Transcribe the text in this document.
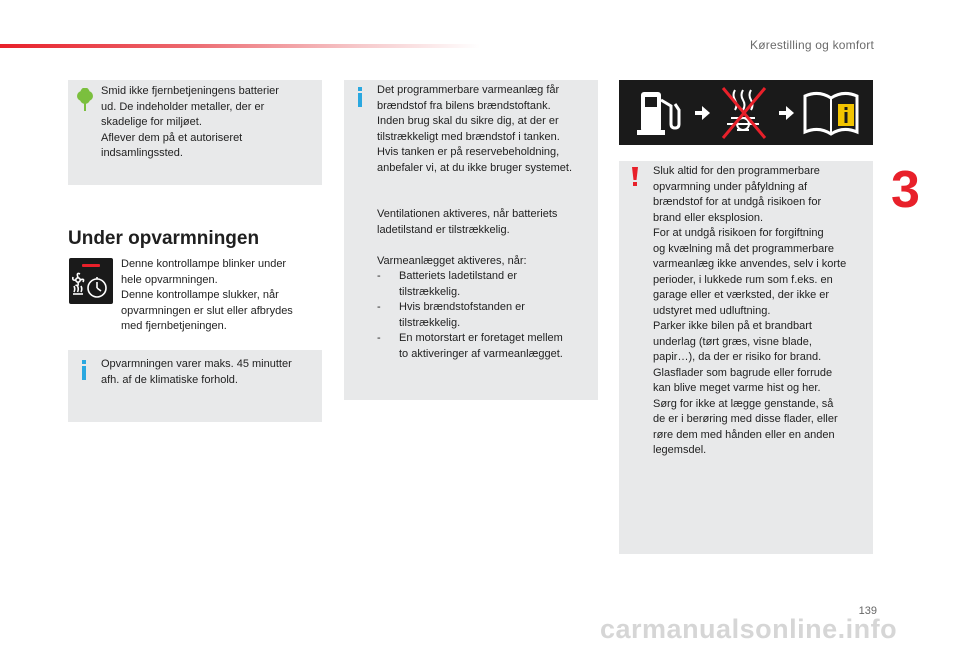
Kørestilling og komfort
3
Smid ikke fjernbetjeningens batterier
ud. De indeholder metaller, der er
skadelige for miljøet.
Aflever dem på et autoriseret
indsamlingssted.
Under opvarmningen
Denne kontrollampe blinker under
hele opvarmningen.
Denne kontrollampe slukker, når
opvarmningen er slut eller afbrydes
med fjernbetjeningen.
Opvarmningen varer maks. 45 minutter
afh. af de klimatiske forhold.
Det programmerbare varmeanlæg får
brændstof fra bilens brændstoftank.
Inden brug skal du sikre dig, at der er
tilstrækkeligt med brændstof i tanken.
Hvis tanken er på reservebeholdning,
anbefaler vi, at du ikke bruger systemet.
Ventilationen aktiveres, når batteriets
ladetilstand er tilstrækkelig.
Varmeanlægget aktiveres, når:
- Batteriets ladetilstand er
tilstrækkelig.
- Hvis brændstofstanden er
tilstrækkelig.
- En motorstart er foretaget mellem
to aktiveringer af varmeanlægget.
Sluk altid for den programmerbare
opvarmning under påfyldning af
brændstof for at undgå risikoen for
brand eller eksplosion.
For at undgå risikoen for forgiftning
og kvælning må det programmerbare
varmeanlæg ikke anvendes, selv i korte
perioder, i lukkede rum som f.eks. en
garage eller et værksted, der ikke er
udstyret med udluftning.
Parker ikke bilen på et brandbart
underlag (tørt græs, visne blade,
papir…), da der er risiko for brand.
Glasflader som bagrude eller forrude
kan blive meget varme hist og her.
Sørg for ikke at lægge genstande, så
de er i berøring med disse flader, eller
røre dem med hånden eller en anden
legemsdel.
139
carmanualsonline.info
